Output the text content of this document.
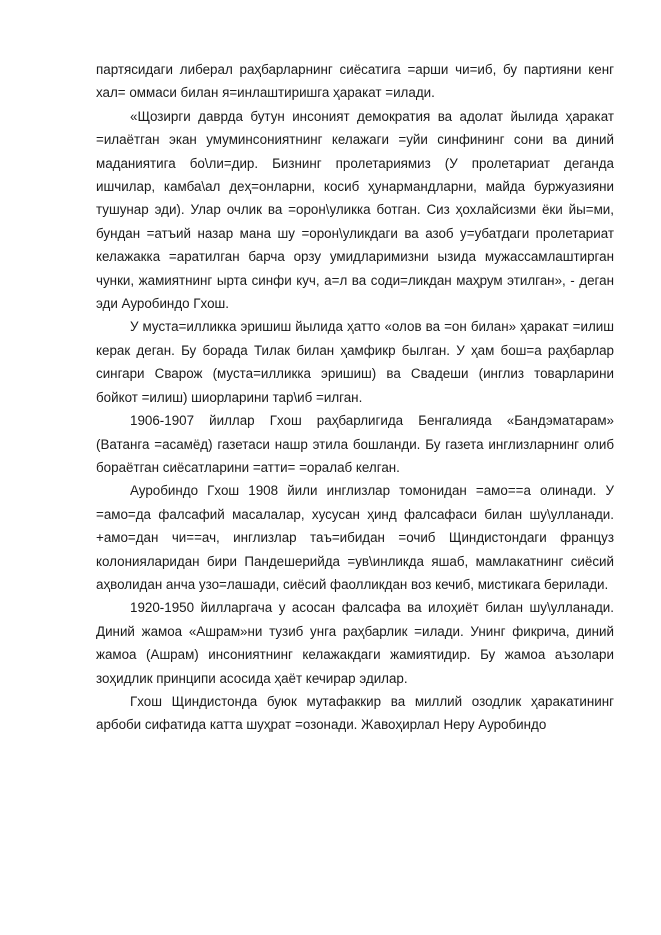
партясидаги либерал раҳбарларнинг сиёсатига =арши чи=иб, бу партияни кенг хал= оммаси билан я=инлаштиришга ҳаракат =илади.

«Щозирги даврда бутун инсоният демократия ва адолат йылида ҳаракат =илаётган экан умуминсониятнинг келажаги =уйи синфининг сони ва диний маданиятига бо\ли=дир. Бизнинг пролетариямиз (У пролетариат деганда ишчилар, камба\ал деҳ=онларни, косиб ҳунармандларни, майда буржуазияни тушунар эди). Улар очлик ва =орон\уликка ботган. Сиз ҳохлайсизми ёки йы=ми, бундан =атъий назар мана шу =орон\уликдаги ва азоб у=убатдаги пролетариат келажакка =аратилган барча орзу умидларимизни ызида мужассамлаштирган чунки, жамиятнинг ырта синфи куч, а=л ва соди=ликдан маҳрум этилган», - деган эди Ауробиндо Гхош.

У муста=илликка эришиш йылида ҳатто «олов ва =он билан» ҳаракат =илиш керак деган. Бу борада Тилак билан ҳамфикр былган. У ҳам бош=а раҳбарлар сингари Сварож (муста=илликка эришиш) ва Свадеши (инглиз товарларини бойкот =илиш) шиорларини тар\иб =илган.

1906-1907 йиллар Гхош раҳбарлигида Бенгалияда «Бандэматарам» (Ватанга =асамёд) газетаси нашр этила бошланди. Бу газета инглизларнинг олиб бораётган сиёсатларини =атти= =оралаб келган.

Ауробиндо Гхош 1908 йили инглизлар томонидан =амо==а олинади. У =амо=да фалсафий масалалар, хусусан ҳинд фалсафаси билан шу\улланади. +амо=дан чи==ач, инглизлар таъ=ибидан =очиб Щиндистондаги француз колонияларидан бири Пандешерийда =ув\инликда яшаб, мамлакатнинг сиёсий аҳволидан анча узо=лашади, сиёсий фаолликдан воз кечиб, мистикага берилади.

1920-1950 йилларгача у асосан фалсафа ва илоҳиёт билан шу\улланади. Диний жамоа «Ашрам»ни тузиб унга раҳбарлик =илади. Унинг фикрича, диний жамоа (Ашрам) инсониятнинг келажакдаги жамиятидир. Бу жамоа аъзолари зоҳидлик принципи асосида ҳаёт кечирар эдилар.

Гхош Щиндистонда буюк мутафаккир ва миллий озодлик ҳаракатининг арбоби сифатида катта шуҳрат =озонади. Жавоҳирлал Неру Ауробиндо
